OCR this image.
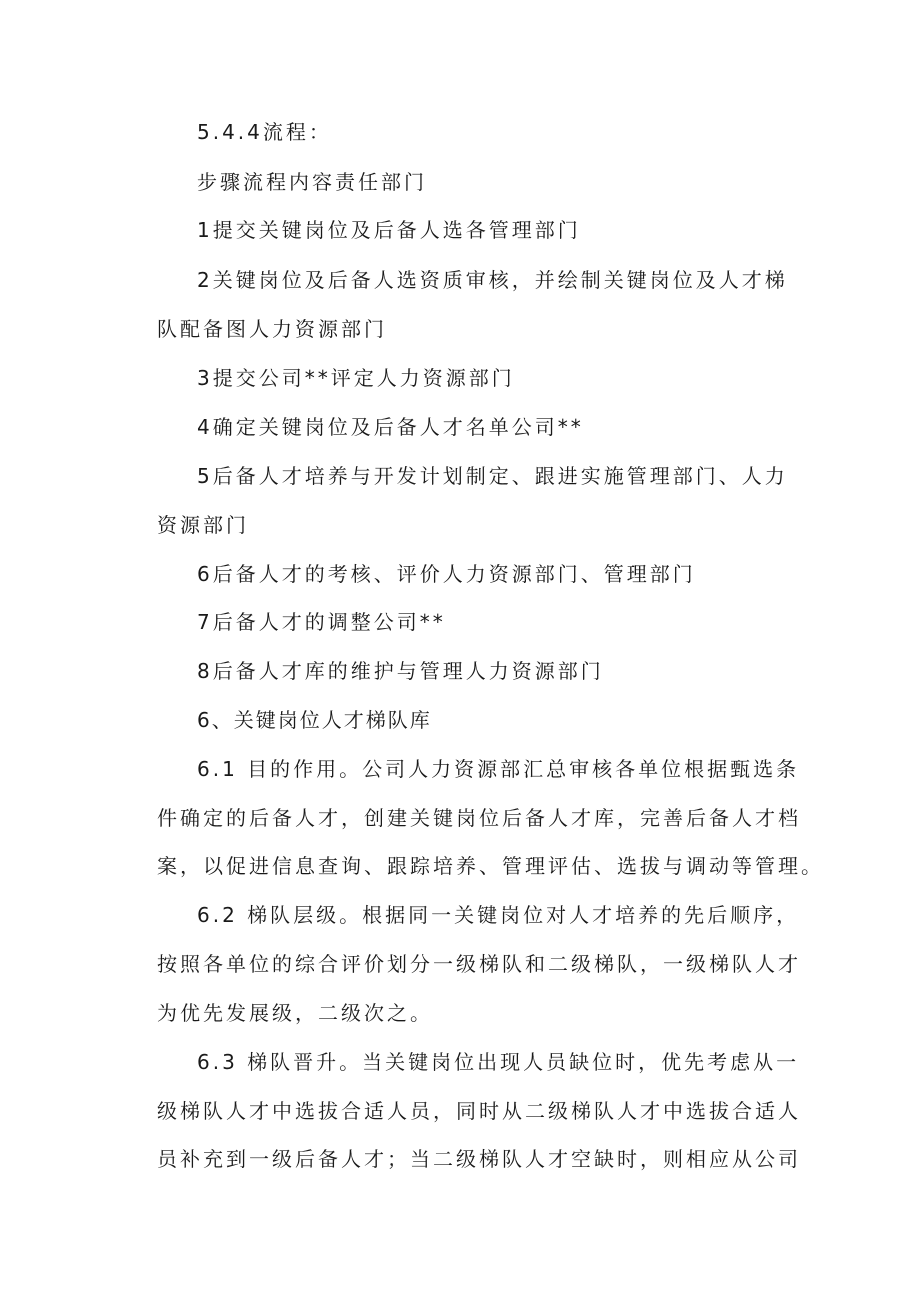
5.4.4流程：
步骤流程内容责任部门
1提交关键岗位及后备人选各管理部门
2关键岗位及后备人选资质审核，并绘制关键岗位及人才梯
队配备图人力资源部门
3提交公司**评定人力资源部门
4确定关键岗位及后备人才名单公司**
5后备人才培养与开发计划制定、跟进实施管理部门、人力
资源部门
6后备人才的考核、评价人力资源部门、管理部门
7后备人才的调整公司**
8后备人才库的维护与管理人力资源部门
6、关键岗位人才梯队库
6.1 目的作用。公司人力资源部汇总审核各单位根据甄选条
件确定的后备人才，创建关键岗位后备人才库，完善后备人才档
案，以促进信息查询、跟踪培养、管理评估、选拔与调动等管理。
6.2 梯队层级。根据同一关键岗位对人才培养的先后顺序，
按照各单位的综合评价划分一级梯队和二级梯队，一级梯队人才
为优先发展级，二级次之。
6.3 梯队晋升。当关键岗位出现人员缺位时，优先考虑从一
级梯队人才中选拔合适人员，同时从二级梯队人才中选拔合适人
员补充到一级后备人才；当二级梯队人才空缺时，则相应从公司
